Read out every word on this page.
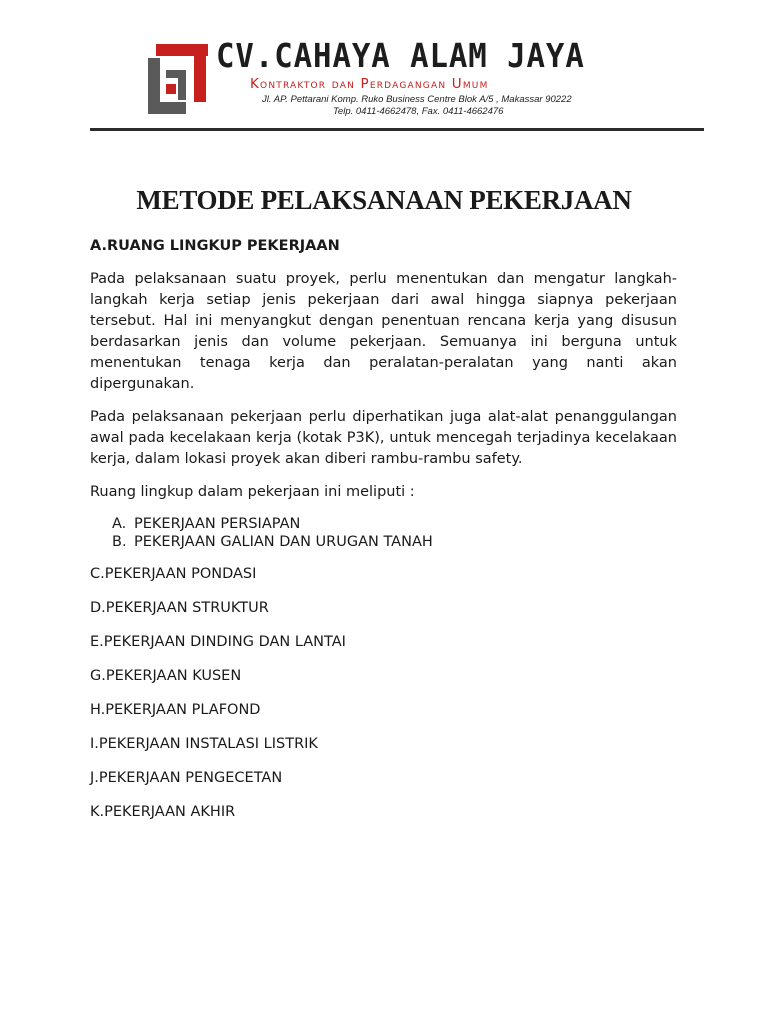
CV.CAHAYA ALAM JAYA
Kontraktor dan Perdagangan Umum
Jl. AP. Pettarani Komp. Ruko Business Centre Blok A/5 , Makassar 90222
Telp. 0411-4662478, Fax. 0411-4662476
METODE PELAKSANAAN PEKERJAAN
A.RUANG LINGKUP PEKERJAAN

Pada pelaksanaan suatu proyek, perlu menentukan dan mengatur langkah-langkah kerja setiap jenis pekerjaan dari awal hingga siapnya pekerjaan tersebut. Hal ini menyangkut dengan penentuan rencana kerja yang disusun berdasarkan jenis dan volume pekerjaan. Semuanya ini berguna untuk menentukan tenaga kerja dan peralatan-peralatan yang nanti akan dipergunakan.

Pada pelaksanaan pekerjaan perlu diperhatikan juga alat-alat penanggulangan awal pada kecelakaan kerja (kotak P3K), untuk mencegah terjadinya kecelakaan kerja, dalam lokasi proyek akan diberi rambu-rambu safety.

Ruang lingkup dalam pekerjaan ini meliputi :

A. PEKERJAAN PERSIAPAN
B. PEKERJAAN GALIAN DAN URUGAN TANAH

C.PEKERJAAN PONDASI

D.PEKERJAAN STRUKTUR

E.PEKERJAAN DINDING DAN LANTAI

G.PEKERJAAN KUSEN

H.PEKERJAAN PLAFOND

I.PEKERJAAN INSTALASI LISTRIK

J.PEKERJAAN PENGECETAN

K.PEKERJAAN AKHIR
